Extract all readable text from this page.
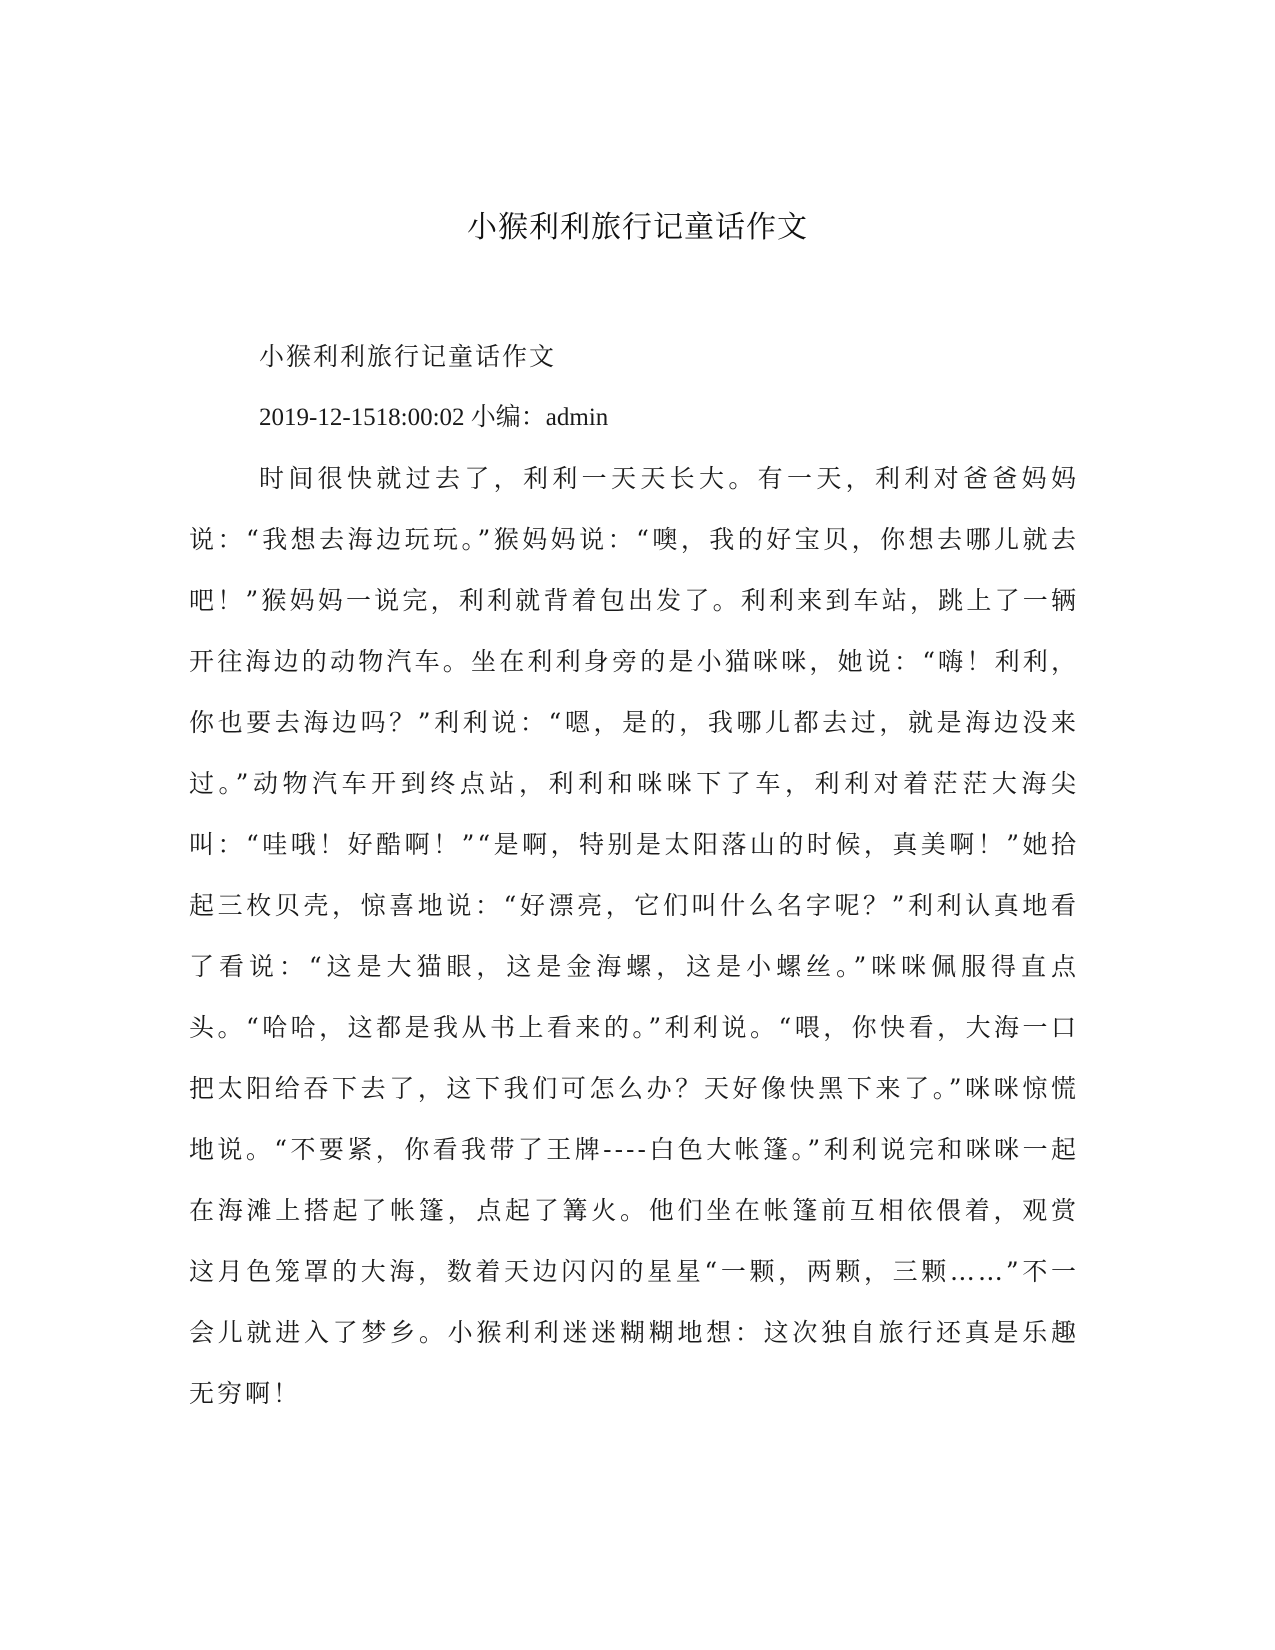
小猴利利旅行记童话作文

小猴利利旅行记童话作文

2019-12-1518:00:02 小编：admin

时间很快就过去了，利利一天天长大。有一天，利利对爸爸妈妈说：“我想去海边玩玩。”猴妈妈说：“噢，我的好宝贝，你想去哪儿就去吧！”猴妈妈一说完，利利就背着包出发了。利利来到车站，跳上了一辆开往海边的动物汽车。坐在利利身旁的是小猫咪咪，她说：“嗨！利利，你也要去海边吗？”利利说：“嗯，是的，我哪儿都去过，就是海边没来过。”动物汽车开到终点站，利利和咪咪下了车，利利对着茫茫大海尖叫：“哇哦！好酷啊！”“是啊，特别是太阳落山的时候，真美啊！”她拾起三枚贝壳，惊喜地说：“好漂亮，它们叫什么名字呢？”利利认真地看了看说：“这是大猫眼，这是金海螺，这是小螺丝。”咪咪佩服得直点头。“哈哈，这都是我从书上看来的。”利利说。“喂，你快看，大海一口把太阳给吞下去了，这下我们可怎么办？天好像快黑下来了。”咪咪惊慌地说。“不要紧，你看我带了王牌----白色大帐篷。”利利说完和咪咪一起在海滩上搭起了帐篷，点起了篝火。他们坐在帐篷前互相依偎着，观赏这月色笼罩的大海，数着天边闪闪的星星“一颗，两颗，三颗……”不一会儿就进入了梦乡。小猴利利迷迷糊糊地想：这次独自旅行还真是乐趣无穷啊！
